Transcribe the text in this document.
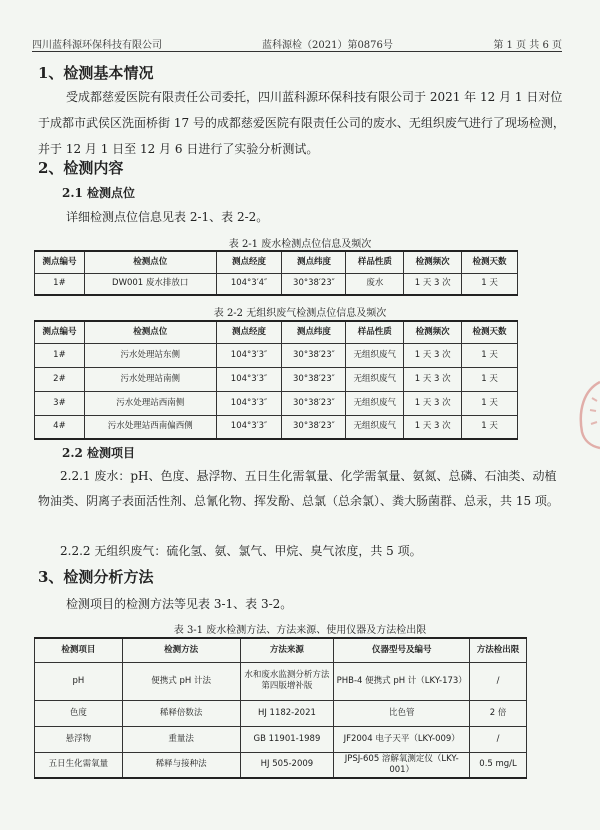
四川蓝科源环保科技有限公司	蓝科源检（2021）第0876号	第 1 页 共 6 页
1、检测基本情况
受成都慈爱医院有限责任公司委托，四川蓝科源环保科技有限公司于 2021 年 12 月 1 日对位于成都市武侯区洗面桥街 17 号的成都慈爱医院有限责任公司的废水、无组织废气进行了现场检测，并于 12 月 1 日至 12 月 6 日进行了实验分析测试。
2、检测内容
2.1 检测点位
详细检测点位信息见表 2-1、表 2-2。
表 2-1 废水检测点位信息及频次
测点编号	检测点位	测点经度	测点纬度	样品性质	检测频次	检测天数
1#	DW001 废水排放口	104°3′4″	30°38′23″	废水	1 天 3 次	1 天
表 2-2 无组织废气检测点位信息及频次
测点编号	检测点位	测点经度	测点纬度	样品性质	检测频次	检测天数
1#	污水处理站东侧	104°3′3″	30°38′23″	无组织废气	1 天 3 次	1 天
2#	污水处理站南侧	104°3′3″	30°38′23″	无组织废气	1 天 3 次	1 天
3#	污水处理站西南侧	104°3′3″	30°38′23″	无组织废气	1 天 3 次	1 天
4#	污水处理站西南偏西侧	104°3′3″	30°38′23″	无组织废气	1 天 3 次	1 天
2.2 检测项目
2.2.1 废水：pH、色度、悬浮物、五日生化需氧量、化学需氧量、氨氮、总磷、石油类、动植物油类、阴离子表面活性剂、总氰化物、挥发酚、总氯（总余氯）、粪大肠菌群、总汞，共 15 项。
2.2.2 无组织废气：硫化氢、氨、氯气、甲烷、臭气浓度，共 5 项。
3、检测分析方法
检测项目的检测方法等见表 3-1、表 3-2。
表 3-1 废水检测方法、方法来源、使用仪器及方法检出限
检测项目	检测方法	方法来源	仪器型号及编号	方法检出限
pH	便携式 pH 计法	水和废水监测分析方法第四版增补版	PHB-4 便携式 pH 计（LKY-173）	/
色度	稀释倍数法	HJ 1182-2021	比色管	2 倍
悬浮物	重量法	GB 11901-1989	JF2004 电子天平（LKY-009）	/
五日生化需氧量	稀释与接种法	HJ 505-2009	JPSJ-605 溶解氧测定仪（LKY-001）	0.5 mg/L
